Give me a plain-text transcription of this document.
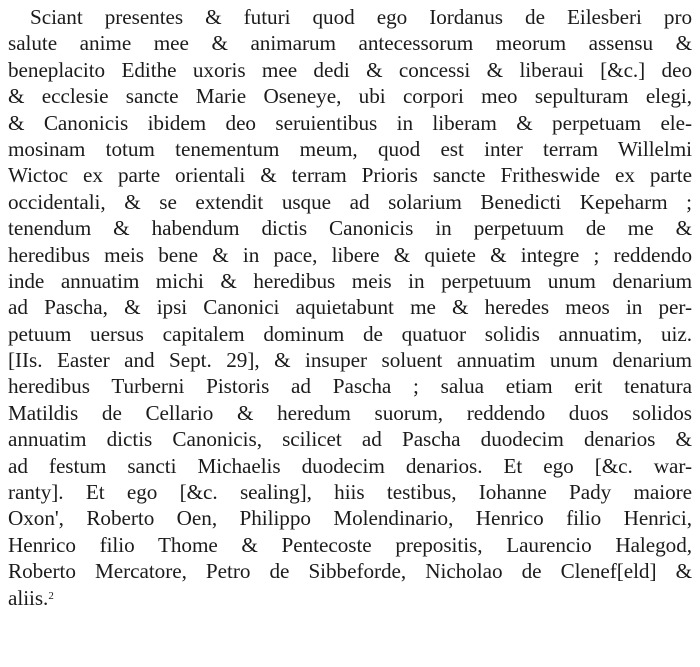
Sciant presentes & futuri quod ego Iordanus de Eilesberi pro
salute anime mee & animarum antecessorum meorum assensu &
beneplacito Edithe uxoris mee dedi & concessi & liberaui [&c.] deo
& ecclesie sancte Marie Oseneye, ubi corpori meo sepulturam elegi,
& Canonicis ibidem deo seruientibus in liberam & perpetuam ele-
mosinam totum tenementum meum, quod est inter terram Willelmi
Wictoc ex parte orientali & terram Prioris sancte Fritheswide ex parte
occidentali, & se extendit usque ad solarium Benedicti Kepeharm ;
tenendum & habendum dictis Canonicis in perpetuum de me &
heredibus meis bene & in pace, libere & quiete & integre ; reddendo
inde annuatim michi & heredibus meis in perpetuum unum denarium
ad Pascha, & ipsi Canonici aquietabunt me & heredes meos in per-
petuum uersus capitalem dominum de quatuor solidis annuatim, uiz.
[IIs. Easter and Sept. 29], & insuper soluent annuatim unum denarium
heredibus Turberni Pistoris ad Pascha ; salua etiam erit tenatura
Matildis de Cellario & heredum suorum, reddendo duos solidos
annuatim dictis Canonicis, scilicet ad Pascha duodecim denarios &
ad festum sancti Michaelis duodecim denarios. Et ego [&c. war-
ranty]. Et ego [&c. sealing], hiis testibus, Iohanne Pady maiore
Oxon', Roberto Oen, Philippo Molendinario, Henrico filio Henrici,
Henrico filio Thome & Pentecoste prepositis, Laurencio Halegod,
Roberto Mercatore, Petro de Sibbeforde, Nicholao de Clenef[eld] &
aliis.$^2$
